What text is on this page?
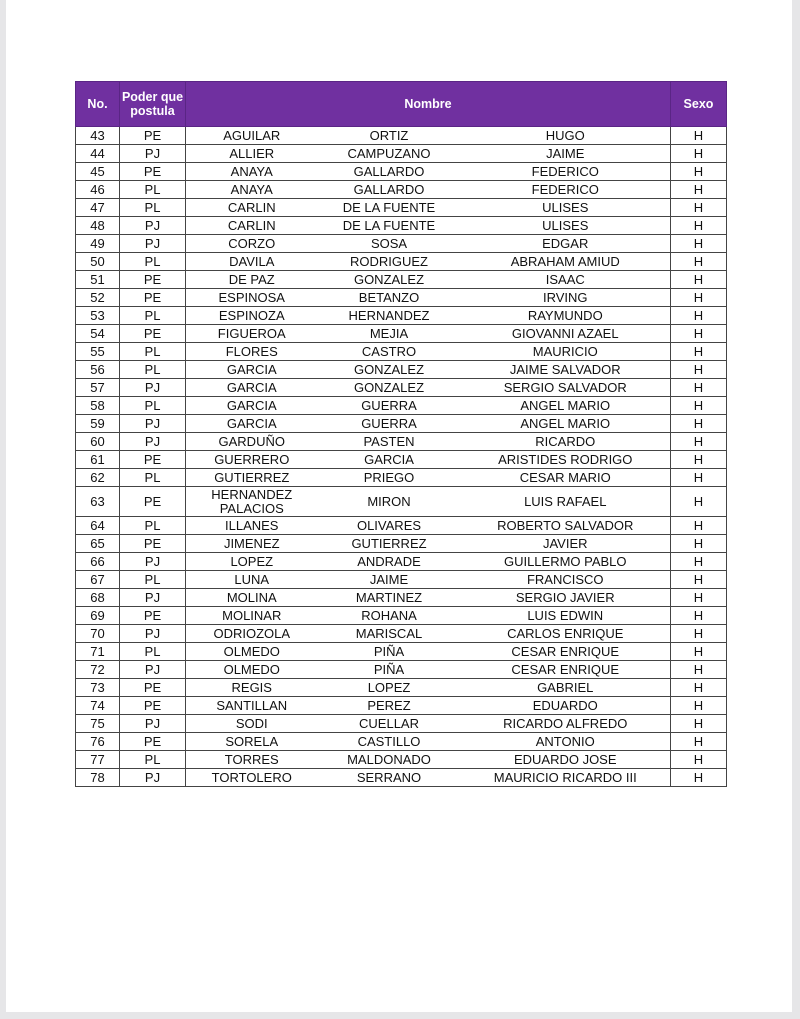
No.	Poder que postula	Nombre			Sexo
43	PE	AGUILAR	ORTIZ	HUGO	H
44	PJ	ALLIER	CAMPUZANO	JAIME	H
45	PE	ANAYA	GALLARDO	FEDERICO	H
46	PL	ANAYA	GALLARDO	FEDERICO	H
47	PL	CARLIN	DE LA FUENTE	ULISES	H
48	PJ	CARLIN	DE LA FUENTE	ULISES	H
49	PJ	CORZO	SOSA	EDGAR	H
50	PL	DAVILA	RODRIGUEZ	ABRAHAM AMIUD	H
51	PE	DE PAZ	GONZALEZ	ISAAC	H
52	PE	ESPINOSA	BETANZO	IRVING	H
53	PL	ESPINOZA	HERNANDEZ	RAYMUNDO	H
54	PE	FIGUEROA	MEJIA	GIOVANNI AZAEL	H
55	PL	FLORES	CASTRO	MAURICIO	H
56	PL	GARCIA	GONZALEZ	JAIME SALVADOR	H
57	PJ	GARCIA	GONZALEZ	SERGIO SALVADOR	H
58	PL	GARCIA	GUERRA	ANGEL MARIO	H
59	PJ	GARCIA	GUERRA	ANGEL MARIO	H
60	PJ	GARDUÑO	PASTEN	RICARDO	H
61	PE	GUERRERO	GARCIA	ARISTIDES RODRIGO	H
62	PL	GUTIERREZ	PRIEGO	CESAR MARIO	H
63	PE	HERNANDEZ PALACIOS	MIRON	LUIS RAFAEL	H
64	PL	ILLANES	OLIVARES	ROBERTO SALVADOR	H
65	PE	JIMENEZ	GUTIERREZ	JAVIER	H
66	PJ	LOPEZ	ANDRADE	GUILLERMO PABLO	H
67	PL	LUNA	JAIME	FRANCISCO	H
68	PJ	MOLINA	MARTINEZ	SERGIO JAVIER	H
69	PE	MOLINAR	ROHANA	LUIS EDWIN	H
70	PJ	ODRIOZOLA	MARISCAL	CARLOS ENRIQUE	H
71	PL	OLMEDO	PIÑA	CESAR ENRIQUE	H
72	PJ	OLMEDO	PIÑA	CESAR ENRIQUE	H
73	PE	REGIS	LOPEZ	GABRIEL	H
74	PE	SANTILLAN	PEREZ	EDUARDO	H
75	PJ	SODI	CUELLAR	RICARDO ALFREDO	H
76	PE	SORELA	CASTILLO	ANTONIO	H
77	PL	TORRES	MALDONADO	EDUARDO JOSE	H
78	PJ	TORTOLERO	SERRANO	MAURICIO RICARDO III	H
